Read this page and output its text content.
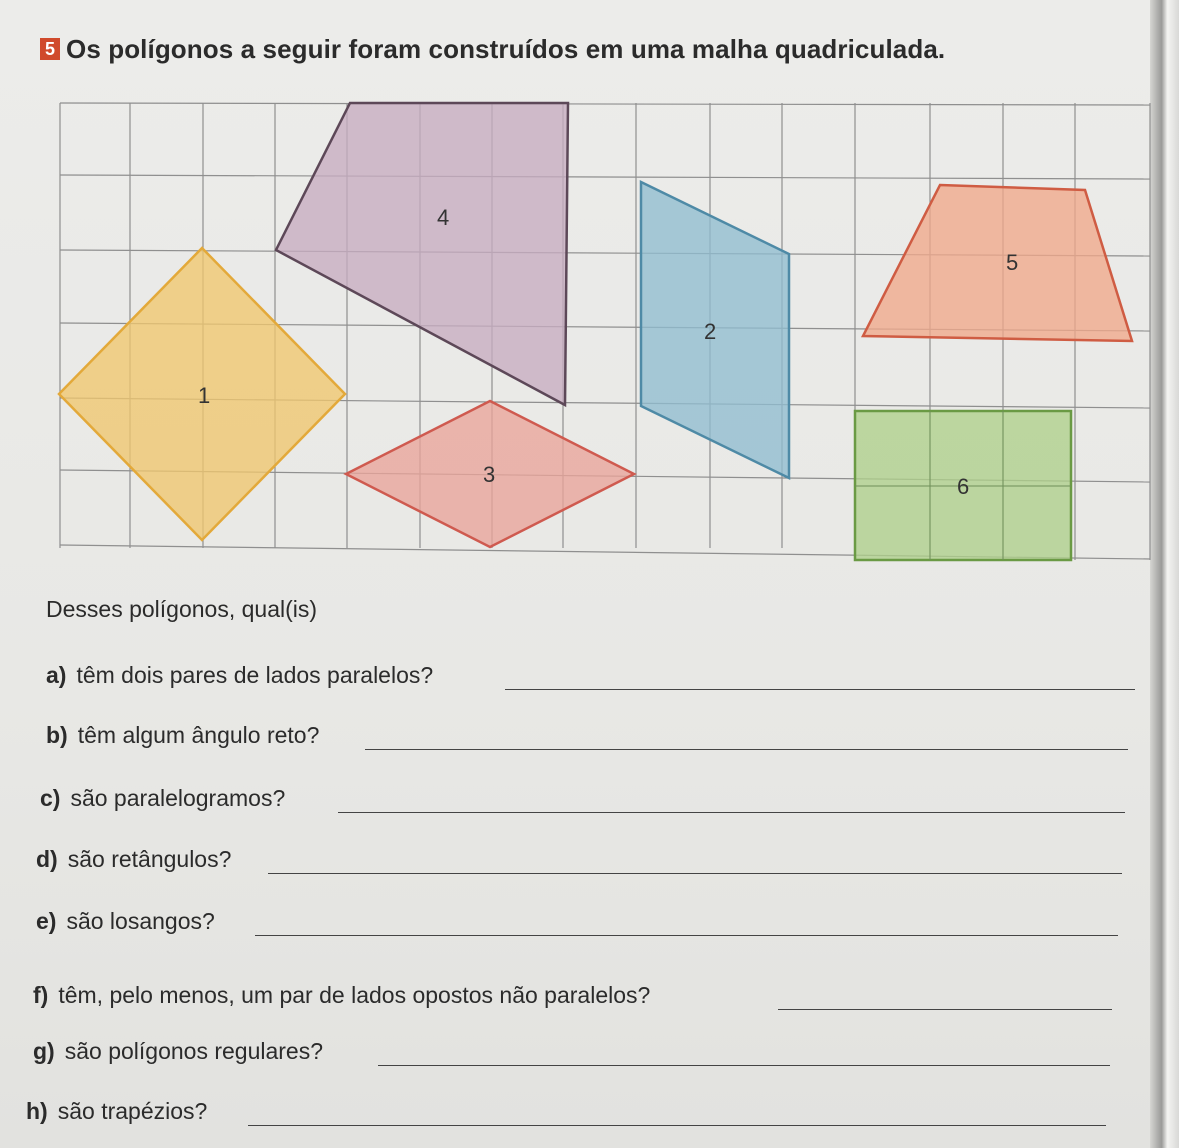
5 Os polígonos a seguir foram construídos em uma malha quadriculada.
1
2
3
4
5
6
Desses polígonos, qual(is)
a) têm dois pares de lados paralelos?
b) têm algum ângulo reto?
c) são paralelogramos?
d) são retângulos?
e) são losangos?
f) têm, pelo menos, um par de lados opostos não paralelos?
g) são polígonos regulares?
h) são trapézios?
